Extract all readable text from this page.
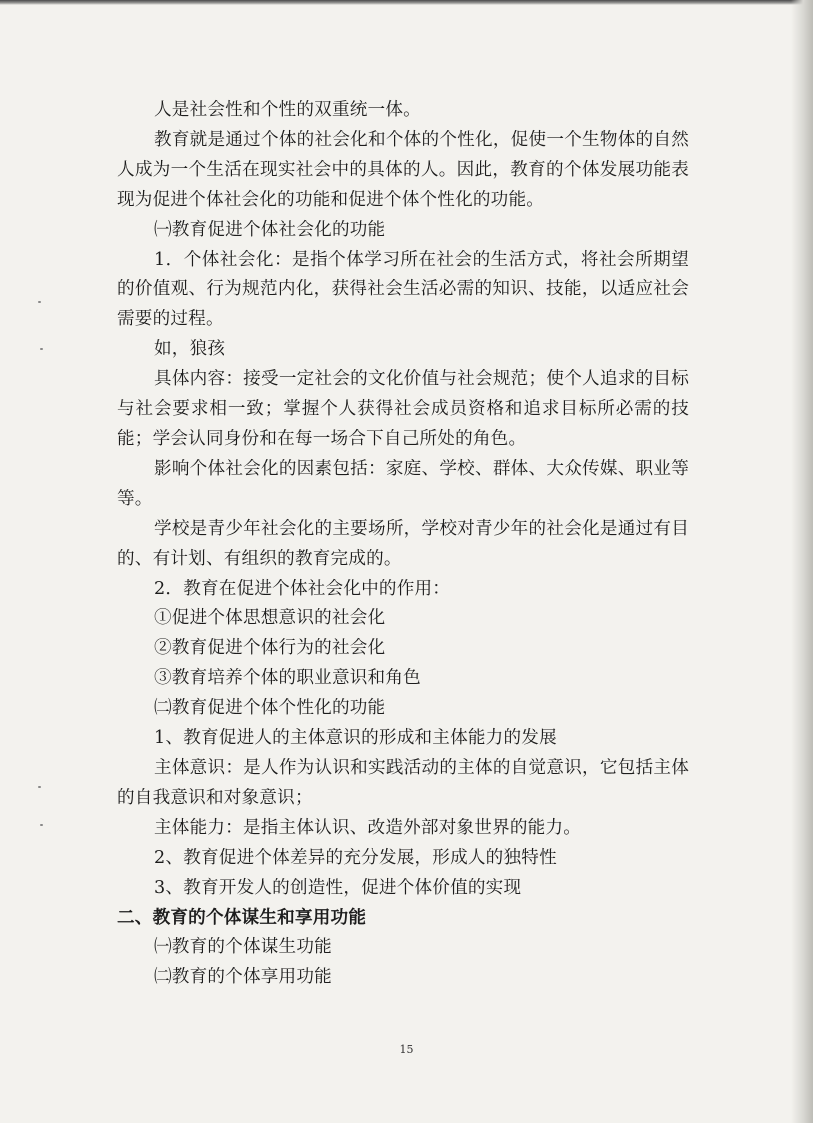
人是社会性和个性的双重统一体。

教育就是通过个体的社会化和个体的个性化，促使一个生物体的自然人成为一个生活在现实社会中的具体的人。因此，教育的个体发展功能表现为促进个体社会化的功能和促进个体个性化的功能。

㈠教育促进个体社会化的功能

1．个体社会化：是指个体学习所在社会的生活方式，将社会所期望的价值观、行为规范内化，获得社会生活必需的知识、技能，以适应社会需要的过程。

如，狼孩

具体内容：接受一定社会的文化价值与社会规范；使个人追求的目标与社会要求相一致；掌握个人获得社会成员资格和追求目标所必需的技能；学会认同身份和在每一场合下自己所处的角色。

影响个体社会化的因素包括：家庭、学校、群体、大众传媒、职业等等。

学校是青少年社会化的主要场所，学校对青少年的社会化是通过有目的、有计划、有组织的教育完成的。

2．教育在促进个体社会化中的作用：

①促进个体思想意识的社会化

②教育促进个体行为的社会化

③教育培养个体的职业意识和角色

㈡教育促进个体个性化的功能

1、教育促进人的主体意识的形成和主体能力的发展

主体意识：是人作为认识和实践活动的主体的自觉意识，它包括主体的自我意识和对象意识；

主体能力：是指主体认识、改造外部对象世界的能力。

2、教育促进个体差异的充分发展，形成人的独特性

3、教育开发人的创造性，促进个体价值的实现

二、教育的个体谋生和享用功能

㈠教育的个体谋生功能

㈡教育的个体享用功能

15
